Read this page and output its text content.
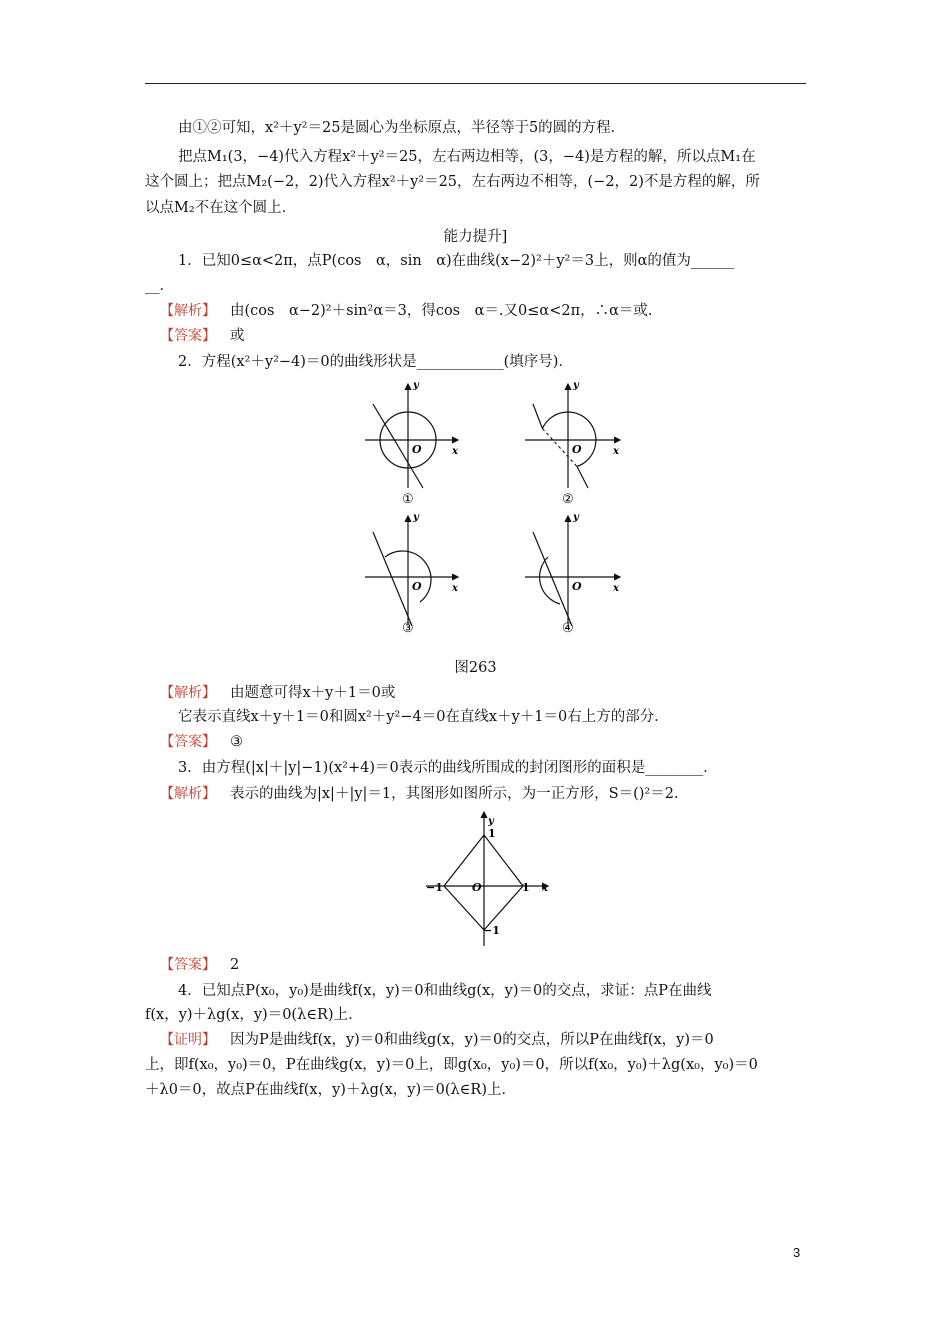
由①②可知，x²＋y²＝25是圆心为坐标原点，半径等于5的圆的方程．
把点M₁(3，−4)代入方程x²＋y²＝25，左右两边相等，(3，−4)是方程的解，所以点M₁在
这个圆上；把点M₂(−2，2)代入方程x²＋y²＝25，左右两边不相等，(−2，2)不是方程的解，所
以点M₂不在这个圆上．
能力提升]
1．已知0≤α<2π，点P(cos　α，sin　α)在曲线(x−2)²＋y²＝3上，则α的值为______
__．
【解析】 由(cos　α−2)²＋sin²α＝3，得cos　α＝.又0≤α<2π，∴α＝或.
【答案】 或
2．方程(x²＋y²−4)＝0的曲线形状是____________(填序号)．
O	x
y
①
O	x
y
②
O	x
y
③
O	x
y
④
图263
【解析】 由题意可得x＋y＋1＝0或
它表示直线x＋y＋1＝0和圆x²＋y²−4＝0在直线x＋y＋1＝0右上方的部分．
【答案】 ③
3．由方程(|x|＋|y|−1)(x²+4)＝0表示的曲线所围成的封闭图形的面积是________．
【解析】 表示的曲线为|x|＋|y|＝1，其图形如图所示，为一正方形，S＝()²＝2.
y
x
O
1
−1
−1	1
【答案】 2
4．已知点P(x₀，y₀)是曲线f(x，y)＝0和曲线g(x，y)＝0的交点，求证：点P在曲线
f(x，y)＋λg(x，y)＝0(λ∈R)上．
【证明】 因为P是曲线f(x，y)＝0和曲线g(x，y)＝0的交点，所以P在曲线f(x，y)＝0
上，即f(x₀，y₀)＝0，P在曲线g(x，y)＝0上，即g(x₀，y₀)＝0，所以f(x₀，y₀)＋λg(x₀，y₀)＝0
＋λ0＝0，故点P在曲线f(x，y)＋λg(x，y)＝0(λ∈R)上．
3
